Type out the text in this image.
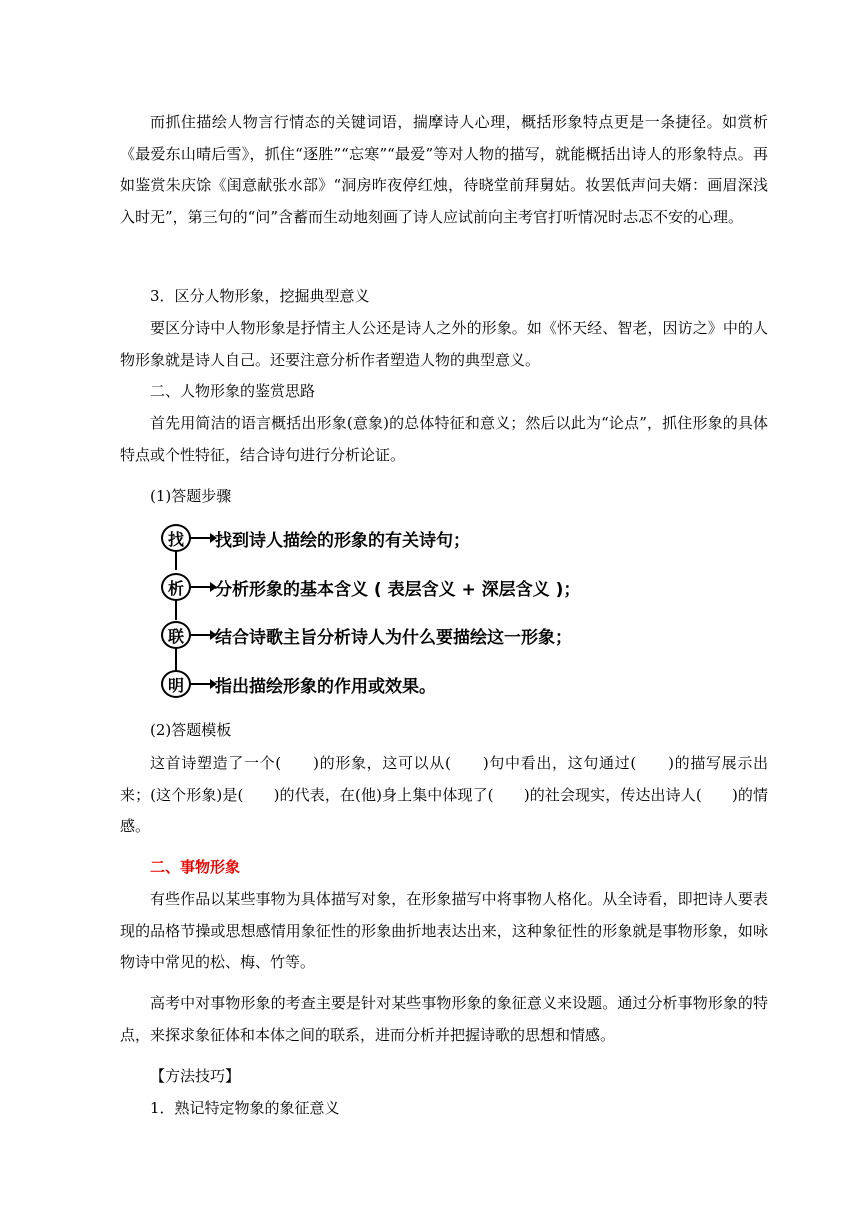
而抓住描绘人物言行情态的关键词语，揣摩诗人心理，概括形象特点更是一条捷径。如赏析《最爱东山晴后雪》，抓住“逐胜”“忘寒”“最爱”等对人物的描写，就能概括出诗人的形象特点。再如鉴赏朱庆馀《闺意献张水部》“洞房昨夜停红烛，待晓堂前拜舅姑。妆罢低声问夫婿：画眉深浅入时无”，第三句的“问”含蓄而生动地刻画了诗人应试前向主考官打听情况时忐忑不安的心理。

3．区分人物形象，挖掘典型意义

要区分诗中人物形象是抒情主人公还是诗人之外的形象。如《怀天经、智老，因访之》中的人物形象就是诗人自己。还要注意分析作者塑造人物的典型意义。

二、人物形象的鉴赏思路

首先用简洁的语言概括出形象(意象)的总体特征和意义；然后以此为“论点”，抓住形象的具体特点或个性特征，结合诗句进行分析论证。

(1)答题步骤

找	找到诗人描绘的形象的有关诗句；
析	分析形象的基本含义 ( 表层含义 + 深层含义 )；
联	结合诗歌主旨分析诗人为什么要描绘这一形象；
明	指出描绘形象的作用或效果。

(2)答题模板

这首诗塑造了一个(　　)的形象，这可以从(　　)句中看出，这句通过(　　)的描写展示出来；(这个形象)是(　　)的代表，在(他)身上集中体现了(　　)的社会现实，传达出诗人(　　)的情感。

二、事物形象

有些作品以某些事物为具体描写对象，在形象描写中将事物人格化。从全诗看，即把诗人要表现的品格节操或思想感情用象征性的形象曲折地表达出来，这种象征性的形象就是事物形象，如咏物诗中常见的松、梅、竹等。

高考中对事物形象的考查主要是针对某些事物形象的象征意义来设题。通过分析事物形象的特点，来探求象征体和本体之间的联系，进而分析并把握诗歌的思想和情感。

【方法技巧】

1．熟记特定物象的象征意义
